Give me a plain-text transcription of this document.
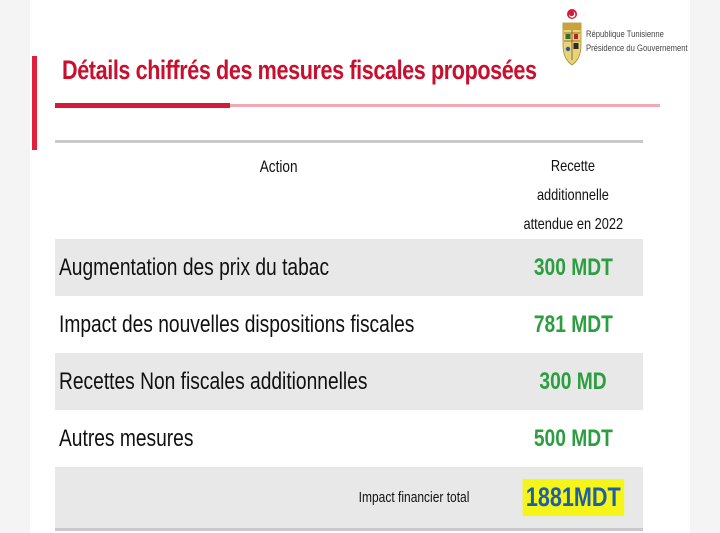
Détails chiffrés des mesures fiscales proposées
République Tunisienne
Présidence du Gouvernement
Action	Recette additionnelle
attendue en 2022
Augmentation des prix du tabac	300 MDT
Impact des nouvelles dispositions fiscales	781 MDT
Recettes Non fiscales additionnelles	300 MD
Autres mesures	500 MDT
Impact financier total	1881MDT
